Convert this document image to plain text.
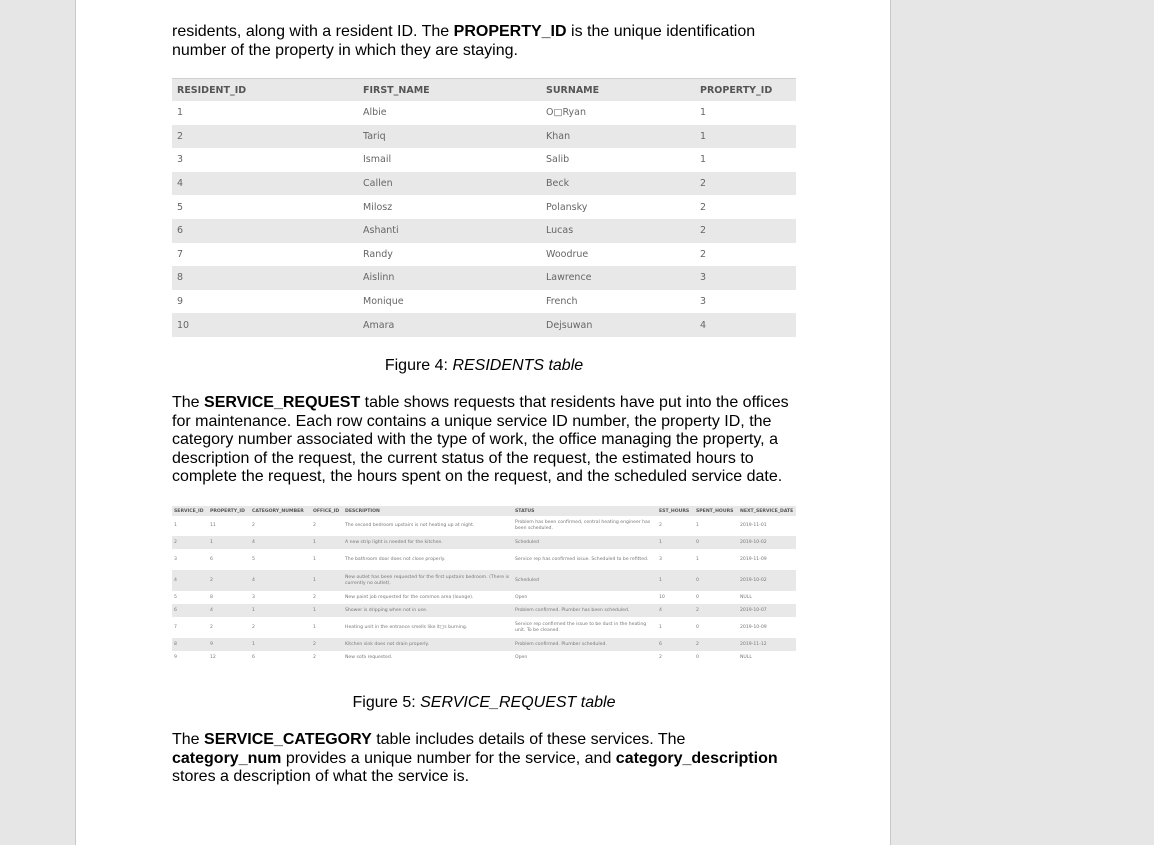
residents, along with a resident ID. The PROPERTY_ID is the unique identification number of the property in which they are staying.

RESIDENT_ID	FIRST_NAME	SURNAME	PROPERTY_ID
1	Albie	O□Ryan	1
2	Tariq	Khan	1
3	Ismail	Salib	1
4	Callen	Beck	2
5	Milosz	Polansky	2
6	Ashanti	Lucas	2
7	Randy	Woodrue	2
8	Aislinn	Lawrence	3
9	Monique	French	3
10	Amara	Dejsuwan	4

Figure 4: RESIDENTS table

The SERVICE_REQUEST table shows requests that residents have put into the offices for maintenance. Each row contains a unique service ID number, the property ID, the category number associated with the type of work, the office managing the property, a description of the request, the current status of the request, the estimated hours to complete the request, the hours spent on the request, and the scheduled service date.

SERVICE_ID	PROPERTY_ID	CATEGORY_NUMBER	OFFICE_ID	DESCRIPTION	STATUS	EST_HOURS	SPENT_HOURS	NEXT_SERVICE_DATE
1	11	2	2	The second bedroom upstairs is not heating up at night.	Problem has been confirmed, central heating engineer has been scheduled.	2	1	2019-11-01
2	1	4	1	A new strip light is needed for the kitchen.	Scheduled	1	0	2019-10-02
3	6	5	1	The bathroom door does not close properly.	Service rep has confirmed issue. Scheduled to be refitted.	3	1	2019-11-09
4	2	4	1	New outlet has been requested for the first upstairs bedroom. (There is currently no outlet).	Scheduled	1	0	2019-10-02
5	8	3	2	New paint job requested for the common area (lounge).	Open	10	0	NULL
6	4	1	1	Shower is dripping when not in use.	Problem confirmed. Plumber has been scheduled.	4	2	2019-10-07
7	2	2	1	Heating unit in the entrance smells like it□s burning.	Service rep confirmed the issue to be dust in the heating unit. To be cleaned.	1	0	2019-10-09
8	9	1	2	Kitchen sink does not drain properly.	Problem confirmed. Plumber scheduled.	6	2	2019-11-12
9	12	6	2	New sofa requested.	Open	2	0	NULL

Figure 5: SERVICE_REQUEST table

The SERVICE_CATEGORY table includes details of these services. The category_num provides a unique number for the service, and category_description stores a description of what the service is.
